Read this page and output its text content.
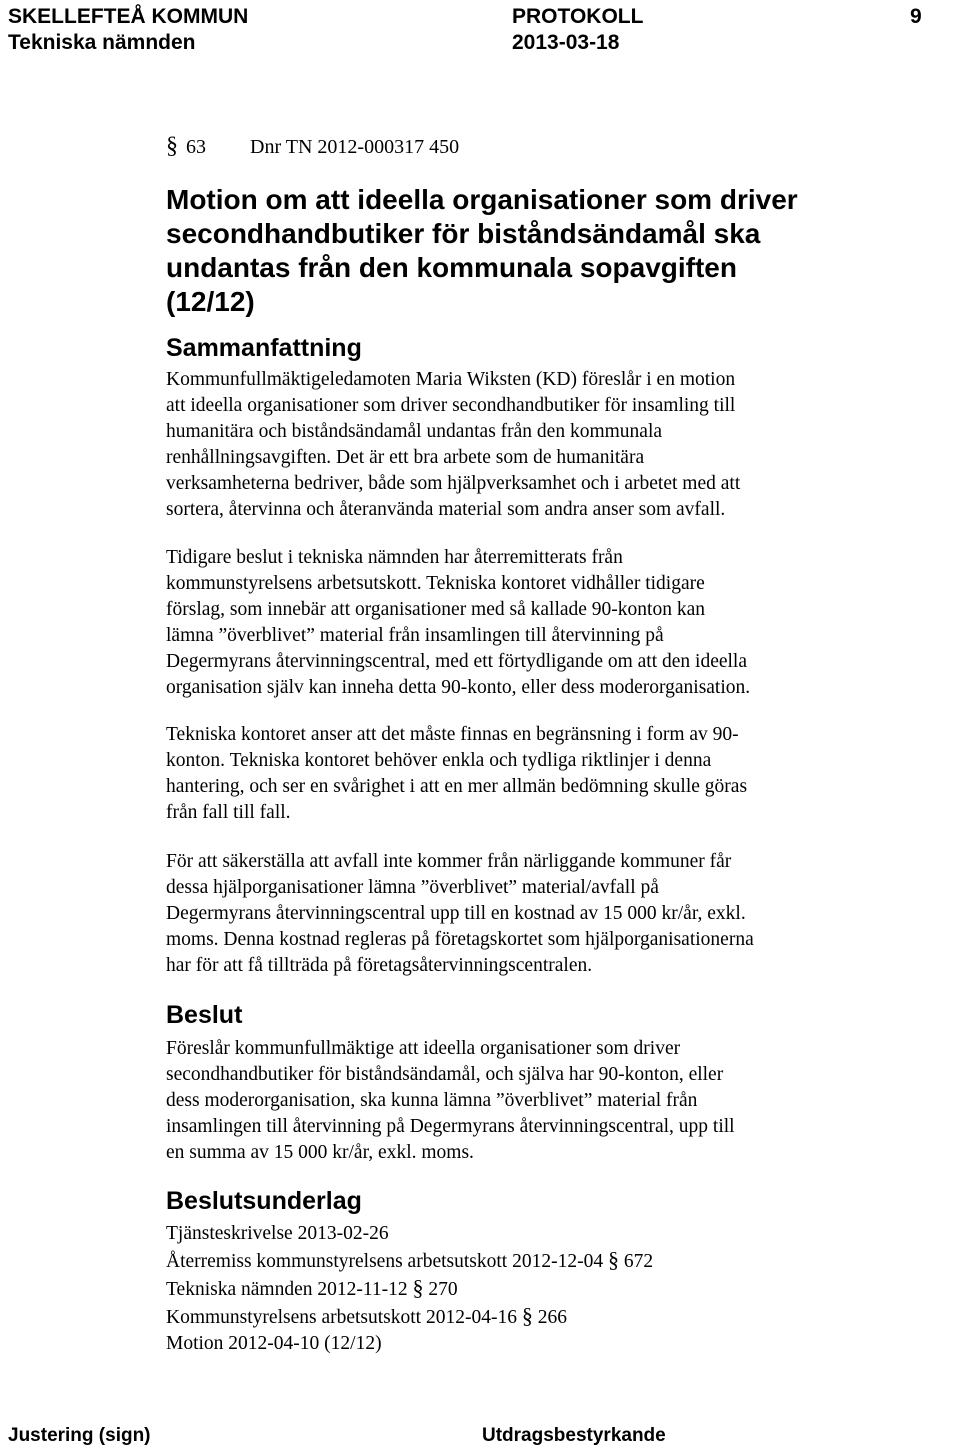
SKELLEFTEÅ KOMMUN	PROTOKOLL	9
Tekniska nämnden	2013-03-18
§ 63 Dnr TN 2012-000317 450
Motion om att ideella organisationer som driver
secondhandbutiker för biståndsändamål ska
undantas från den kommunala sopavgiften
(12/12)
Sammanfattning

Kommunfullmäktigeledamoten Maria Wiksten (KD) föreslår i en motion
att ideella organisationer som driver secondhandbutiker för insamling till
humanitära och biståndsändamål undantas från den kommunala
renhållningsavgiften. Det är ett bra arbete som de humanitära
verksamheterna bedriver, både som hjälpverksamhet och i arbetet med att
sortera, återvinna och återanvända material som andra anser som avfall.

Tidigare beslut i tekniska nämnden har återremitterats från
kommunstyrelsens arbetsutskott. Tekniska kontoret vidhåller tidigare
förslag, som innebär att organisationer med så kallade 90-konton kan
lämna ”överblivet” material från insamlingen till återvinning på
Degermyrans återvinningscentral, med ett förtydligande om att den ideella
organisation själv kan inneha detta 90-konto, eller dess moderorganisation.

Tekniska kontoret anser att det måste finnas en begränsning i form av 90-
konton. Tekniska kontoret behöver enkla och tydliga riktlinjer i denna
hantering, och ser en svårighet i att en mer allmän bedömning skulle göras
från fall till fall.

För att säkerställa att avfall inte kommer från närliggande kommuner får
dessa hjälporganisationer lämna ”överblivet” material/avfall på
Degermyrans återvinningscentral upp till en kostnad av 15 000 kr/år, exkl.
moms. Denna kostnad regleras på företagskortet som hjälporganisationerna
har för att få tillträda på företagsåtervinningscentralen.

Beslut

Föreslår kommunfullmäktige att ideella organisationer som driver
secondhandbutiker för biståndsändamål, och själva har 90-konton, eller
dess moderorganisation, ska kunna lämna ”överblivet” material från
insamlingen till återvinning på Degermyrans återvinningscentral, upp till
en summa av 15 000 kr/år, exkl. moms.

Beslutsunderlag
Tjänsteskrivelse 2013-02-26
Återremiss kommunstyrelsens arbetsutskott 2012-12-04 § 672
Tekniska nämnden 2012-11-12 § 270
Kommunstyrelsens arbetsutskott 2012-04-16 § 266
Motion 2012-04-10 (12/12)
Justering (sign)	Utdragsbestyrkande
